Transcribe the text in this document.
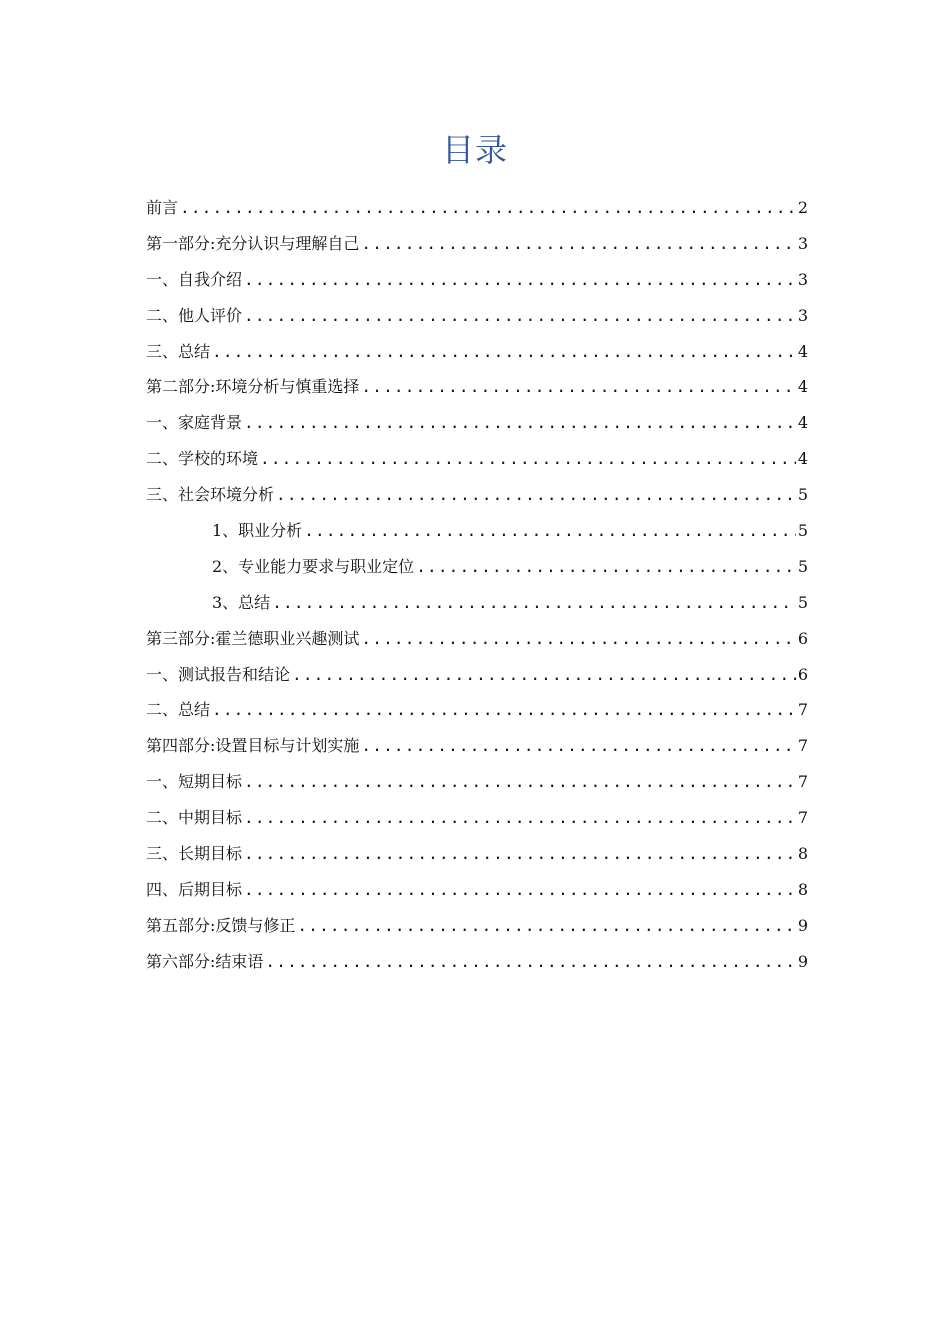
目录
前言 .....	2
第一部分:充分认识与理解自己 .....	3
一、自我介绍 .....	3
二、他人评价 .....	3
三、总结 .....	4
第二部分:环境分析与慎重选择 .....	4
一、家庭背景 .....	4
二、学校的环境 .....	4
三、社会环境分析 .....	5
1、职业分析 .....	5
2、专业能力要求与职业定位 .....	5
3、总结 .....	5
第三部分:霍兰德职业兴趣测试 .....	6
一、测试报告和结论 .....	6
二、总结 .....	7
第四部分:设置目标与计划实施 .....	7
一、短期目标 .....	7
二、中期目标 .....	7
三、长期目标 .....	8
四、后期目标 .....	8
第五部分:反馈与修正 .....	9
第六部分:结束语 .....	9
